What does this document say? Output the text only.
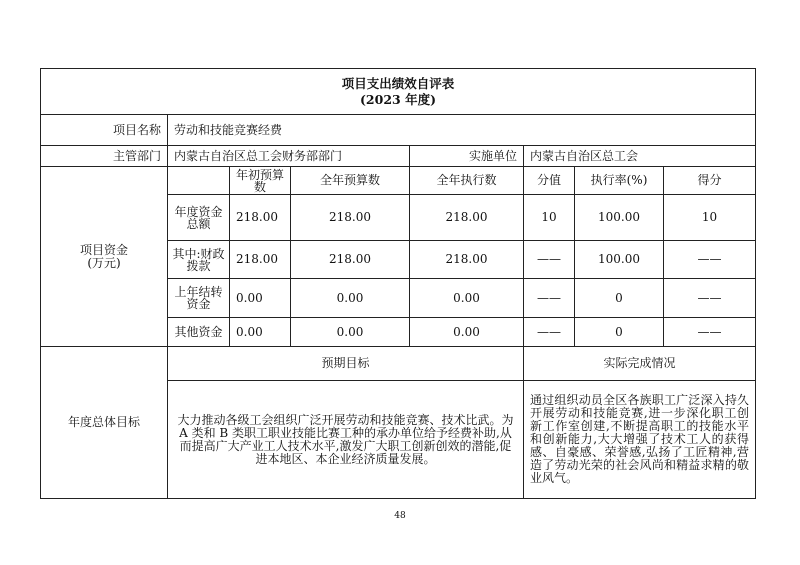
项目支出绩效自评表
(2023 年度)							

项目名称	劳动和技能竞赛经费						
主管部门	内蒙古自治区总工会财务部部门			实施单位	内蒙古自治区总工会		

项目资金
(万元)		年初预算数	全年预算数	全年执行数	分值	执行率(%)	得分
	年度资金总额	218.00	218.00	218.00	10	100.00	10
	其中:财政拨款	218.00	218.00	218.00	——	100.00	——
	上年结转资金	0.00	0.00	0.00	——	0	——
	其他资金	0.00	0.00	0.00	——	0	——
年度总体目标	预期目标				实际完成情况		
	大力推动各级工会组织广泛开展劳动和技能竞赛、技术比武。为 A 类和 B 类职工职业技能比赛工种的承办单位给予经费补助,从而提高广大产业工人技术水平,激发广大职工创新创效的潜能,促进本地区、本企业经济质量发展。				通过组织动员全区各族职工广泛深入持久开展劳动和技能竞赛,进一步深化职工创新工作室创建,不断提高职工的技能水平和创新能力,大大增强了技术工人的获得感、自豪感、荣誉感,弘扬了工匠精神,营造了劳动光荣的社会风尚和精益求精的敬业风气。		
48
